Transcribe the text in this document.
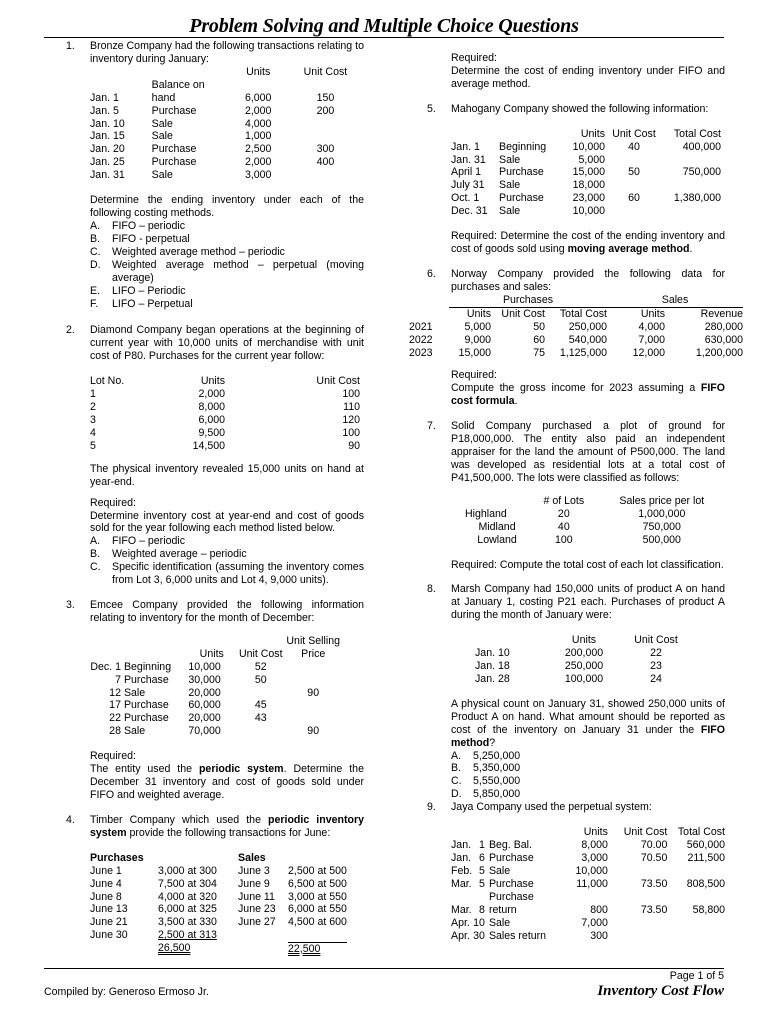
Problem Solving and Multiple Choice Questions
1. Bronze Company had the following transactions relating to inventory during January:

		Units	Unit Cost
	Balance on		
Jan. 1	hand	6,000	150
Jan. 5	Purchase	2,000	200
Jan. 10	Sale	4,000	
Jan. 15	Sale	1,000	
Jan. 20	Purchase	2,500	300
Jan. 25	Purchase	2,000	400
Jan. 31	Sale	3,000	

Determine the ending inventory under each of the following costing methods.

A. FIFO – periodic
B. FIFO - perpetual
C. Weighted average method – periodic
D. Weighted average method – perpetual (moving average)
E. LIFO – Periodic
F. LIFO – Perpetual
2. Diamond Company began operations at the beginning of current year with 10,000 units of merchandise with unit cost of P80. Purchases for the current year follow:

Lot No.	Units	Unit Cost
1	2,000	100
2	8,000	110
3	6,000	120
4	9,500	100
5	14,500	90

The physical inventory revealed 15,000 units on hand at year-end.

Required:

Determine inventory cost at year-end and cost of goods sold for the year following each method listed below.

A. FIFO – periodic
B. Weighted average – periodic
C. Specific identification (assuming the inventory comes from Lot 3, 6,000 units and Lot 4, 9,000 units).
3. Emcee Company provided the following information relating to inventory for the month of December:

				Unit Selling
		Units	Unit Cost	Price
Dec. 1	Beginning	10,000	52	
7	Purchase	30,000	50	
12	Sale	20,000		90
17	Purchase	60,000	45	
22	Purchase	20,000	43	
28	Sale	70,000		90

Required:

The entity used the periodic system. Determine the December 31 inventory and cost of goods sold under FIFO and weighted average.

4. Timber Company which used the periodic inventory system provide the following transactions for June:

Purchases		Sales	
June 1	3,000 at 300	June 3	2,500 at 500
June 4	7,500 at 304	June 9	6,500 at 500
June 8	4,000 at 320	June 11	3,000 at 550
June 13	6,000 at 325	June 23	6,000 at 550
June 21	3,500 at 330	June 27	4,500 at 600
June 30	2,500 at 313		
	26,500		22,500

Required:

Determine the cost of ending inventory under FIFO and average method.

5. Mahogany Company showed the following information:

		Units	Unit Cost	Total Cost
Jan. 1	Beginning	10,000	40	400,000
Jan. 31	Sale	5,000		
April 1	Purchase	15,000	50	750,000
July 31	Sale	18,000		
Oct. 1	Purchase	23,000	60	1,380,000
Dec. 31	Sale	10,000		

Required: Determine the cost of the ending inventory and cost of goods sold using moving average method.

6. Norway Company provided the following data for purchases and sales:

	Purchases			Sales	
	Units	Unit Cost	Total Cost	Units	Revenue
2021	5,000	50	250,000	4,000	280,000
2022	9,000	60	540,000	7,000	630,000
2023	15,000	75	1,125,000	12,000	1,200,000

Required:

Compute the gross income for 2023 assuming a FIFO cost formula.

7. Solid Company purchased a plot of ground for P18,000,000. The entity also paid an independent appraiser for the land the amount of P500,000. The land was developed as residential lots at a total cost of P41,500,000. The lots were classified as follows:

	# of Lots	Sales price per lot
Highland	20	1,000,000
Midland	40	750,000
Lowland	100	500,000

Required: Compute the total cost of each lot classification.

8. Marsh Company had 150,000 units of product A on hand at January 1, costing P21 each. Purchases of product A during the month of January were:

	Units	Unit Cost
Jan. 10	200,000	22
Jan. 18	250,000	23
Jan. 28	100,000	24

A physical count on January 31, showed 250,000 units of Product A on hand. What amount should be reported as cost of the inventory on January 31 under the FIFO method?

A. 5,250,000
B. 5,350,000
C. 5,550,000
D. 5,850,000
9. Jaya Company used the perpetual system:

			Units	Unit Cost	Total Cost
Jan.	1	Beg. Bal.	8,000	70.00	560,000
Jan.	6	Purchase	3,000	70.50	211,500
Feb.	5	Sale	10,000		
Mar.	5	Purchase	11,000	73.50	808,500
		Purchase			
Mar.	8	return	800	73.50	58,800
Apr.	10	Sale	7,000		
Apr.	30	Sales return	300		
Page 1 of 5
Compiled by: Generoso Ermoso Jr.	Inventory Cost Flow
